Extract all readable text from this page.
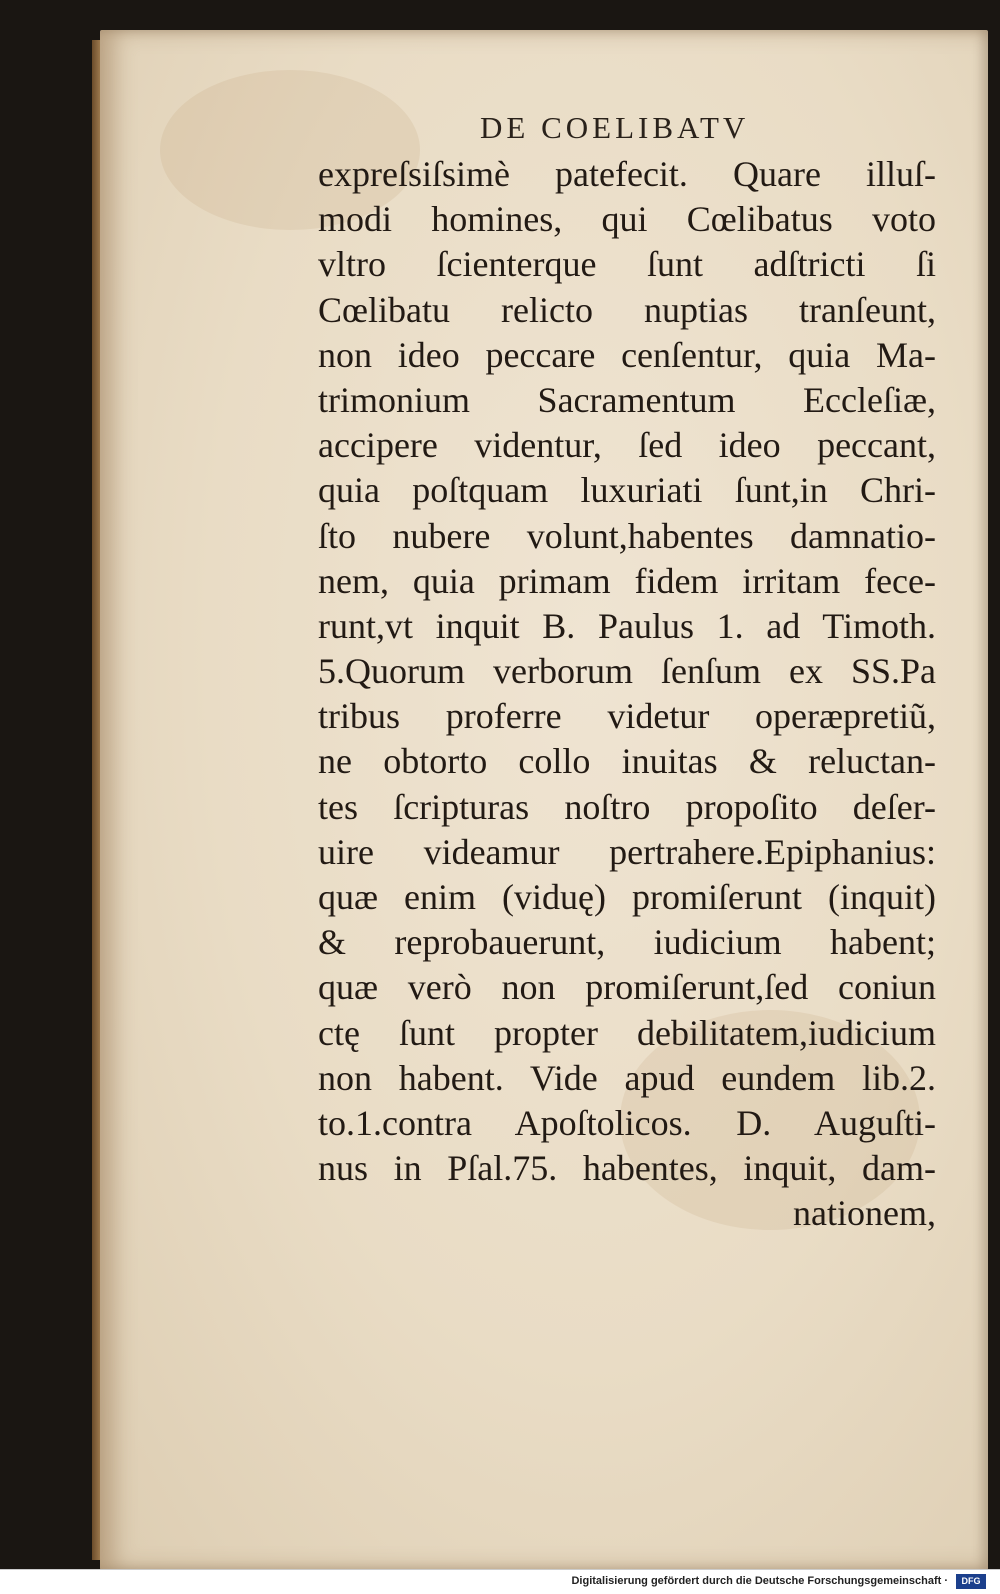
DE COELIBATV
expreſsiſsimè patefecit. Quare illuſ-
modi homines, qui Cœlibatus voto
vltro ſcienterque ſunt adſtricti ſi
Cœlibatu relicto nuptias tranſeunt,
non ideo peccare cenſentur, quia Ma-
trimonium Sacramentum Eccleſiæ,
accipere videntur, ſed ideo peccant,
quia poſtquam luxuriati ſunt,in Chri-
ſto nubere volunt,habentes damnatio-
nem, quia primam fidem irritam fece-
runt,vt inquit B. Paulus 1. ad Timoth.
5.Quorum verborum ſenſum ex SS.Pa
tribus proferre videtur operæpretiũ,
ne obtorto collo inuitas & reluctan-
tes ſcripturas noſtro propoſito deſer-
uire videamur pertrahere.Epiphanius:
quæ enim (viduę) promiſerunt (inquit)
& reprobauerunt, iudicium habent;
quæ verò non promiſerunt,ſed coniun
ctę ſunt propter debilitatem,iudicium
non habent. Vide apud eundem lib.2.
to.1.contra Apoſtolicos. D. Auguſti-
nus in Pſal.75. habentes, inquit, dam-
nationem,
Digitalisierung gefördert durch die Deutsche Forschungsgemeinschaft ·	DFG
